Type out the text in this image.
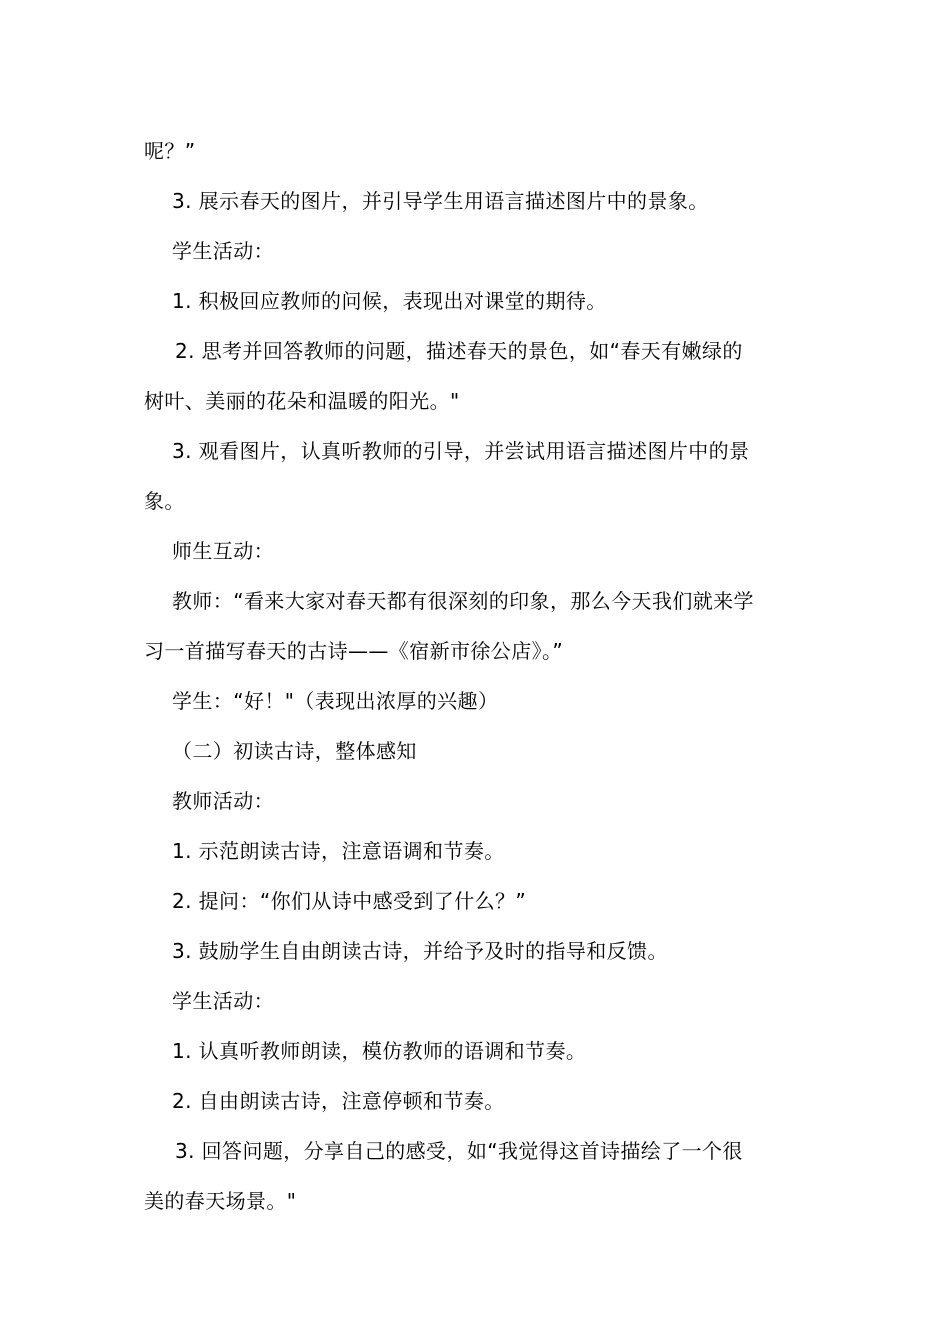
呢？”
3. 展示春天的图片，并引导学生用语言描述图片中的景象。
学生活动：
1. 积极回应教师的问候，表现出对课堂的期待。
2. 思考并回答教师的问题，描述春天的景色，如“春天有嫩绿的
树叶、美丽的花朵和温暖的阳光。"
3. 观看图片，认真听教师的引导，并尝试用语言描述图片中的景
象。
师生互动：
教师：“看来大家对春天都有很深刻的印象，那么今天我们就来学
习一首描写春天的古诗——《宿新市徐公店》。”
学生：“好！"（表现出浓厚的兴趣）
（二）初读古诗，整体感知
教师活动：
1. 示范朗读古诗，注意语调和节奏。
2. 提问：“你们从诗中感受到了什么？”
3. 鼓励学生自由朗读古诗，并给予及时的指导和反馈。
学生活动：
1. 认真听教师朗读，模仿教师的语调和节奏。
2. 自由朗读古诗，注意停顿和节奏。
3. 回答问题，分享自己的感受，如“我觉得这首诗描绘了一个很
美的春天场景。"
